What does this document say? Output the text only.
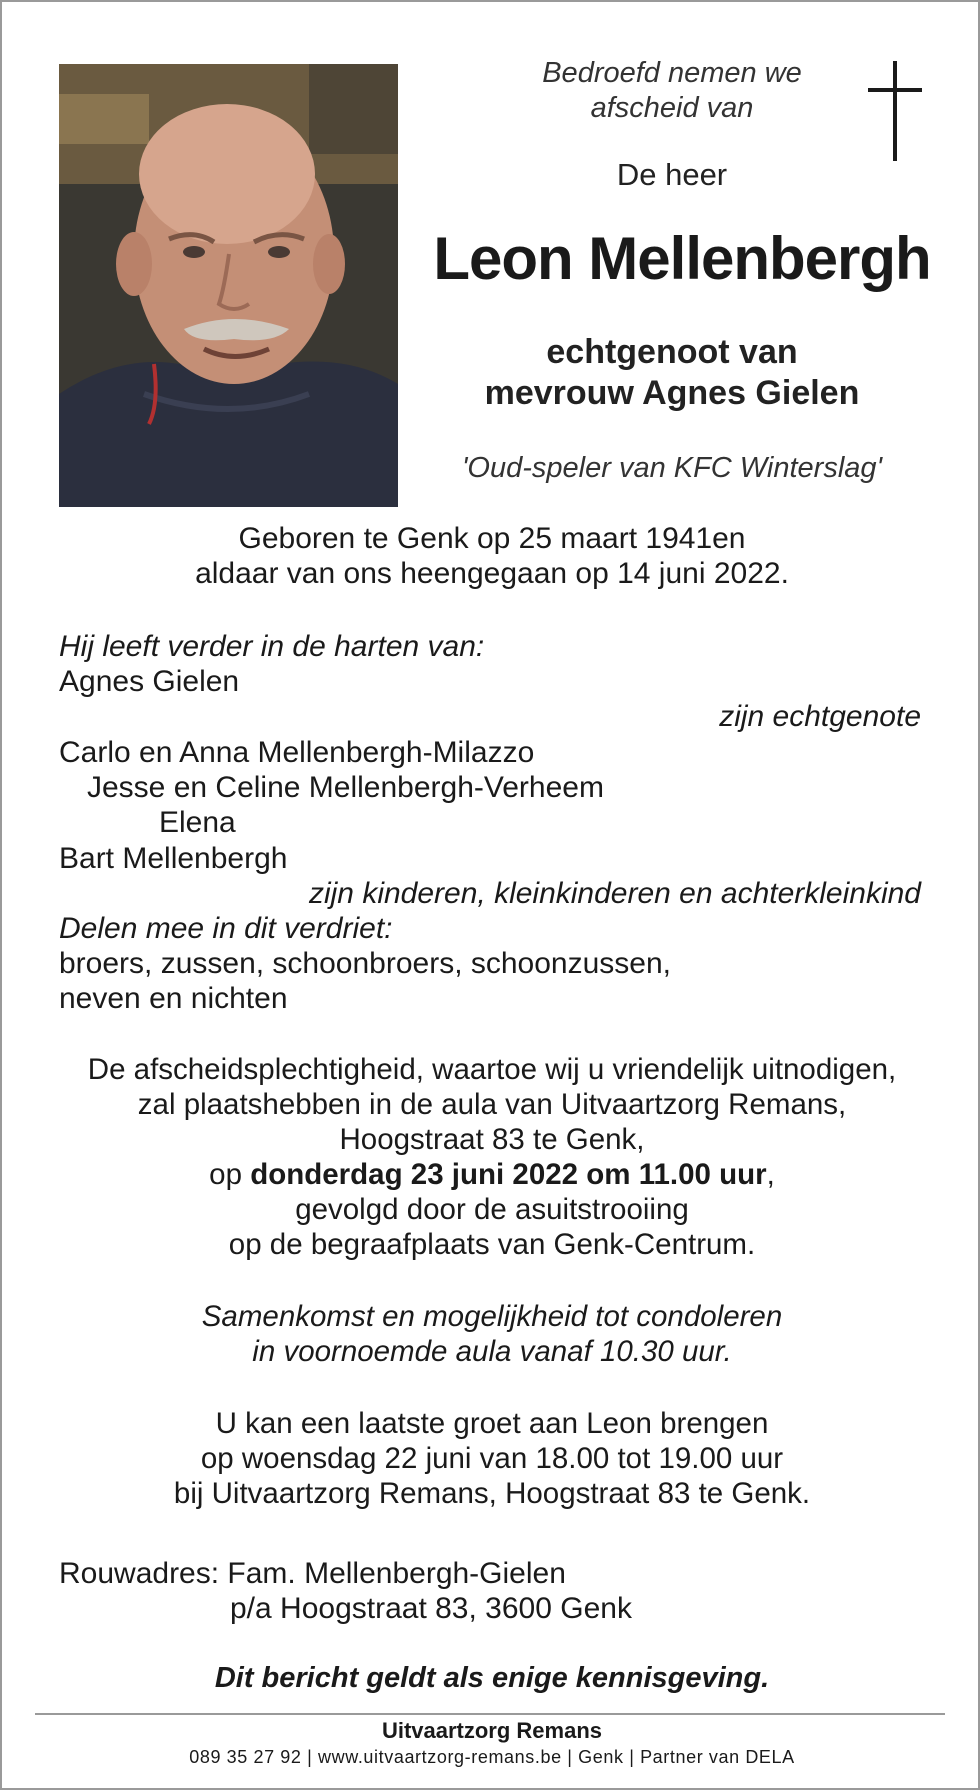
Bedroefd nemen we
afscheid van
De heer
Leon Mellenbergh
echtgenoot van
mevrouw Agnes Gielen
'Oud-speler van KFC Winterslag'
Geboren te Genk op 25 maart 1941en
aldaar van ons heengegaan op 14 juni 2022.
Hij leeft verder in de harten van:
Agnes Gielen
zijn echtgenote
Carlo en Anna Mellenbergh-Milazzo
Jesse en Celine Mellenbergh-Verheem
Elena
Bart Mellenbergh
zijn kinderen, kleinkinderen en achterkleinkind
Delen mee in dit verdriet:
broers, zussen, schoonbroers, schoonzussen,
neven en nichten
De afscheidsplechtigheid, waartoe wij u vriendelijk uitnodigen,
zal plaatshebben in de aula van Uitvaartzorg Remans,
Hoogstraat 83 te Genk,
op donderdag 23 juni 2022 om 11.00 uur,
gevolgd door de asuitstrooiing
op de begraafplaats van Genk-Centrum.
Samenkomst en mogelijkheid tot condoleren
in voornoemde aula vanaf 10.30 uur.
U kan een laatste groet aan Leon brengen
op woensdag 22 juni van 18.00 tot 19.00 uur
bij Uitvaartzorg Remans, Hoogstraat 83 te Genk.
Rouwadres: Fam. Mellenbergh-Gielen
p/a Hoogstraat 83, 3600 Genk
Dit bericht geldt als enige kennisgeving.
Uitvaartzorg Remans
089 35 27 92 | www.uitvaartzorg-remans.be | Genk | Partner van DELA
